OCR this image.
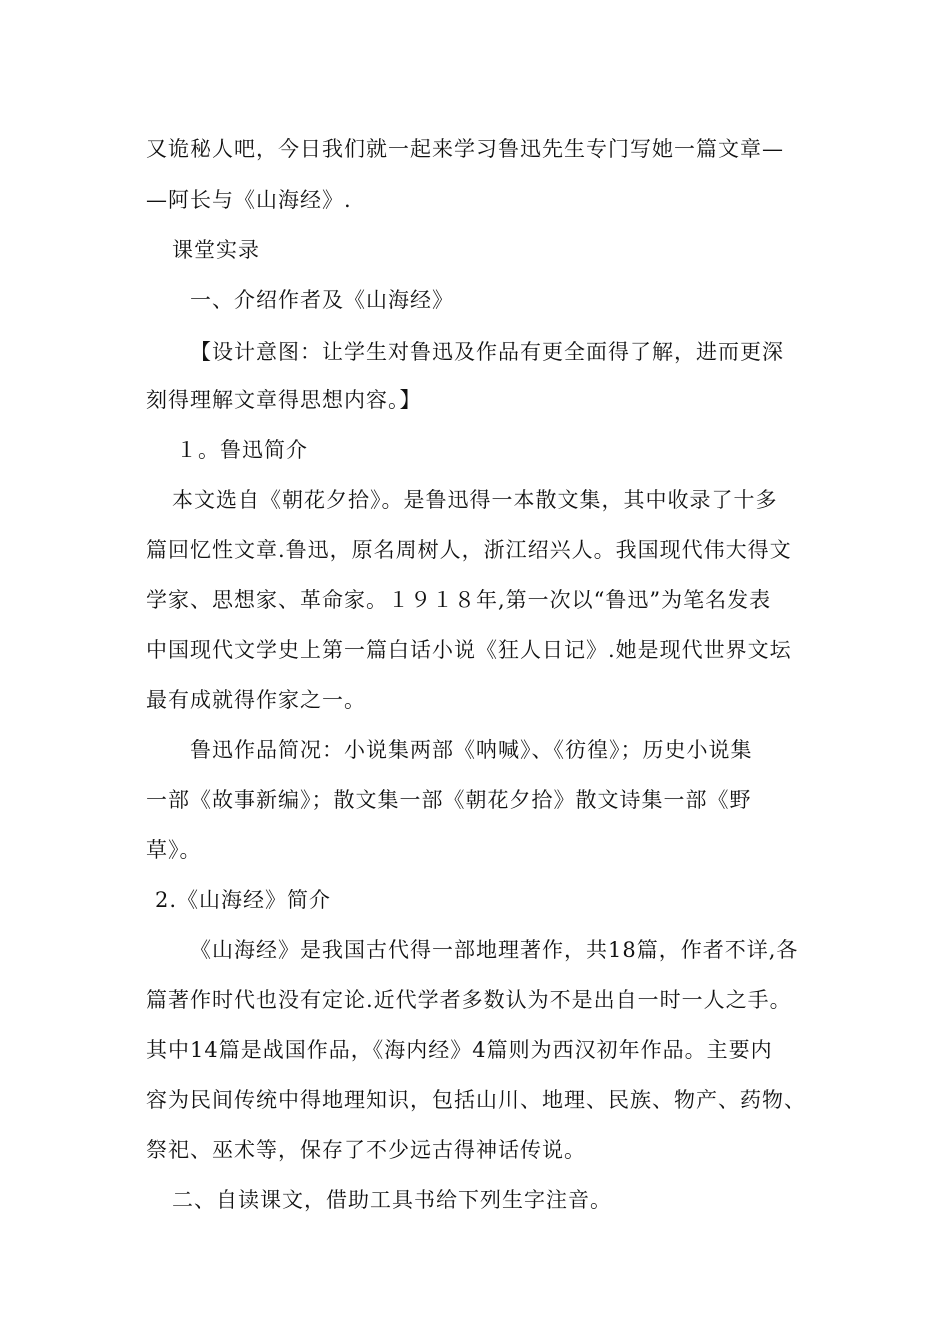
又诡秘人吧，今日我们就一起来学习鲁迅先生专门写她一篇文章—
—阿长与《山海经》.
课堂实录
一、介绍作者及《山海经》
【设计意图：让学生对鲁迅及作品有更全面得了解，进而更深
刻得理解文章得思想内容。】
１。鲁迅简介
本文选自《朝花夕拾》。是鲁迅得一本散文集，其中收录了十多
篇回忆性文章.鲁迅，原名周树人，浙江绍兴人。我国现代伟大得文
学家、思想家、革命家。１９１８年,第一次以“鲁迅”为笔名发表
中国现代文学史上第一篇白话小说《狂人日记》.她是现代世界文坛
最有成就得作家之一。
鲁迅作品简况：小说集两部《呐喊》、《彷徨》；历史小说集
一部《故事新编》；散文集一部《朝花夕拾》散文诗集一部《野
草》。
2.《山海经》简介
《山海经》是我国古代得一部地理著作，共18篇，作者不详,各
篇著作时代也没有定论.近代学者多数认为不是出自一时一人之手。
其中14篇是战国作品，《海内经》4篇则为西汉初年作品。主要内
容为民间传统中得地理知识，包括山川、地理、民族、物产、药物、
祭祀、巫术等，保存了不少远古得神话传说。
二、自读课文，借助工具书给下列生字注音。
